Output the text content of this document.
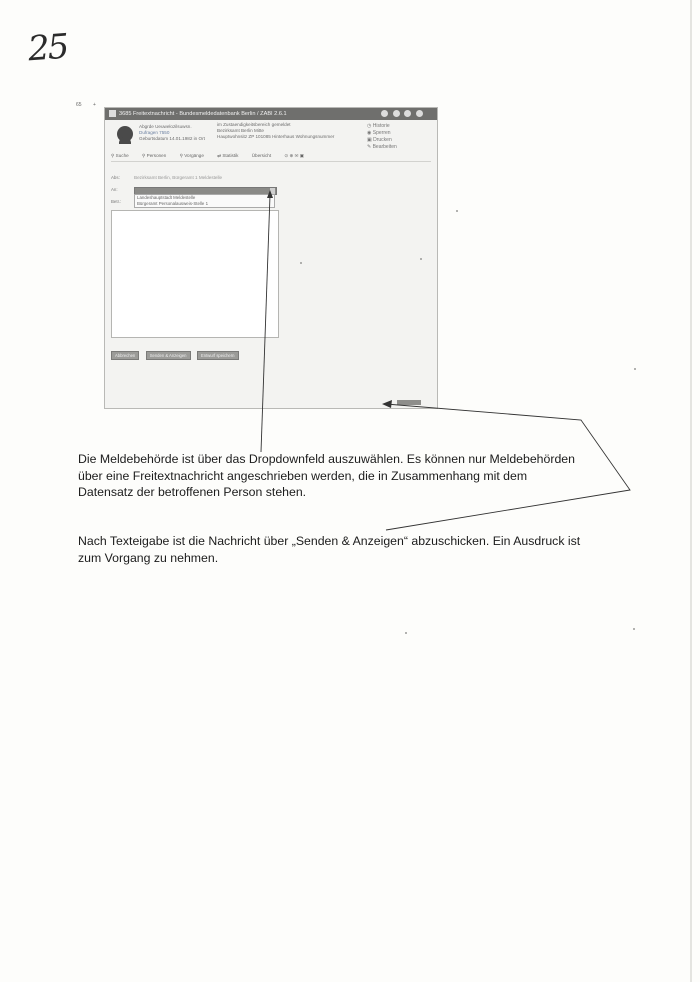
25
65 +
3685 Freitextnachricht - Bundesmeldedatenbank Berlin / ZABI 2.6.1

Abgrde Ueuwelozilsuwsn.
Dufragen 7550
Geburtsdatum 14.01.1982 in Ort
im Zustaendigkeitsbereich gemeldet
Bezirksamt Berlin Mitte
Hauptwohnsitz ZP 101085 Hinterhaus Wohnungsnummer
◷ Historie
◉ Sperren
▣ Drucken
✎ Bearbeiten
⚲ Suche	⚲ Personen	⚲ Vorgänge	⇄ Statistik	Übersicht	⊙ ⊕ ✉ ▣
Abs:	Bezirksamt Berlin, Bürgeramt 1 Meldestelle
An:
Landeshauptstadt Meldestelle
Bürgeramt Personalausweis-Stelle 1
Betr.:
Abbrechen	Senden & Anzeigen	Entwurf speichern
Die Meldebehörde ist über das Dropdownfeld auszuwählen. Es können nur Meldebehörden
über eine Freitextnachricht angeschrieben werden, die in Zusammenhang mit dem
Datensatz der betroffenen Person stehen.
Nach Texteigabe ist die Nachricht über „Senden & Anzeigen“ abzuschicken. Ein Ausdruck ist
zum Vorgang zu nehmen.
